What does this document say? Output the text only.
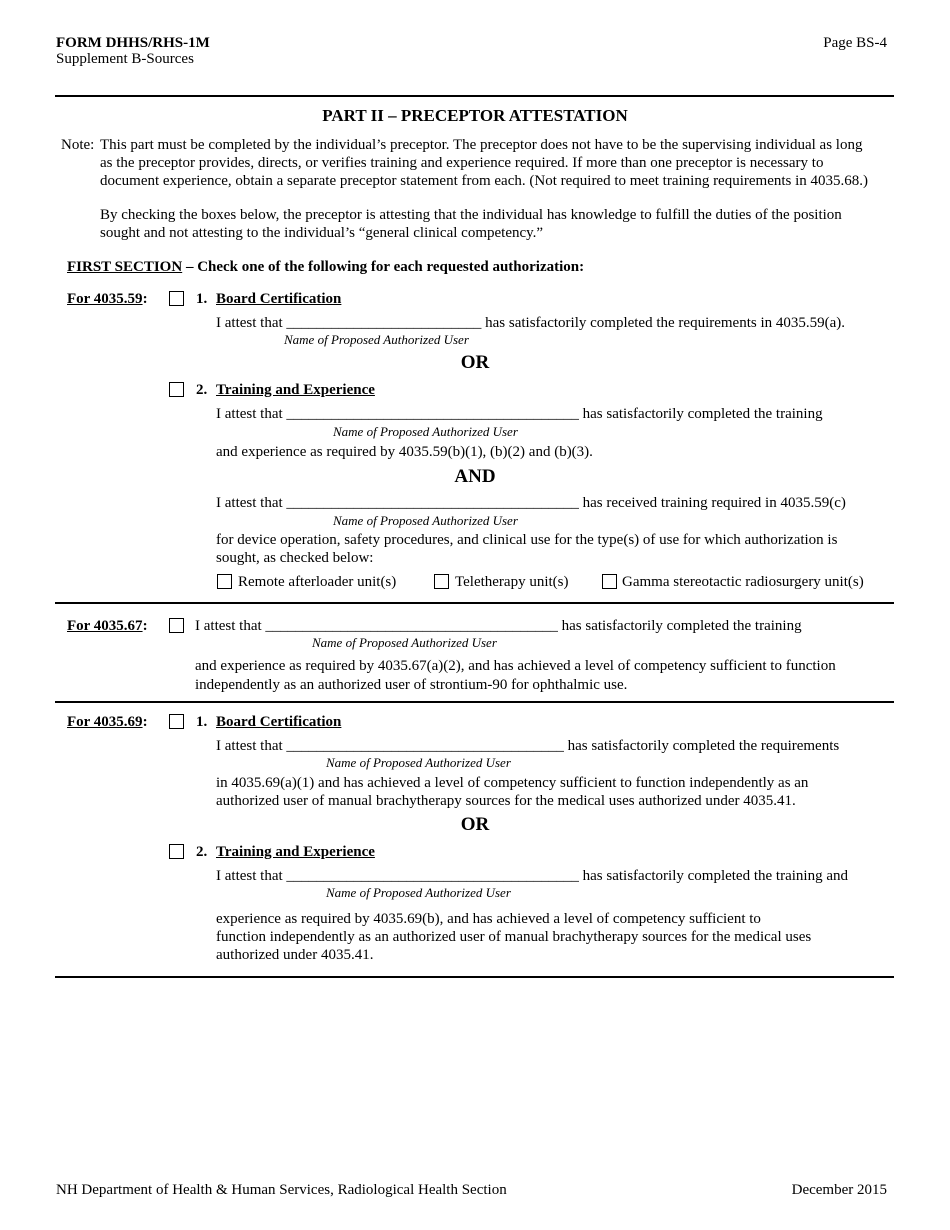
FORM DHHS/RHS-1M
Supplement B-Sources
Page BS-4
PART II – PRECEPTOR ATTESTATION
Note: This part must be completed by the individual’s preceptor. The preceptor does not have to be the supervising individual as long
as the preceptor provides, directs, or verifies training and experience required. If more than one preceptor is necessary to
document experience, obtain a separate preceptor statement from each. (Not required to meet training requirements in 4035.68.)
By checking the boxes below, the preceptor is attesting that the individual has knowledge to fulfill the duties of the position
sought and not attesting to the individual’s “general clinical competency.”
FIRST SECTION – Check one of the following for each requested authorization:
For 4035.59:	1. Board Certification
I attest that __________________________ has satisfactorily completed the requirements in 4035.59(a).
Name of Proposed Authorized User
OR
2. Training and Experience
I attest that _______________________________________ has satisfactorily completed the training
Name of Proposed Authorized User
and experience as required by 4035.59(b)(1), (b)(2) and (b)(3).
AND
I attest that _______________________________________ has received training required in 4035.59(c)
Name of Proposed Authorized User
for device operation, safety procedures, and clinical use for the type(s) of use for which authorization is
sought, as checked below:
Remote afterloader unit(s)	Teletherapy unit(s)	Gamma stereotactic radiosurgery unit(s)
For 4035.67:	I attest that _______________________________________ has satisfactorily completed the training
Name of Proposed Authorized User
and experience as required by 4035.67(a)(2), and has achieved a level of competency sufficient to function
independently as an authorized user of strontium-90 for ophthalmic use.
For 4035.69:	1. Board Certification
I attest that _____________________________________ has satisfactorily completed the requirements
Name of Proposed Authorized User
in 4035.69(a)(1) and has achieved a level of competency sufficient to function independently as an
authorized user of manual brachytherapy sources for the medical uses authorized under 4035.41.
OR
2. Training and Experience
I attest that _______________________________________ has satisfactorily completed the training and
Name of Proposed Authorized User
experience as required by 4035.69(b), and has achieved a level of competency sufficient to
function independently as an authorized user of manual brachytherapy sources for the medical uses
authorized under 4035.41.
NH Department of Health & Human Services, Radiological Health Section	December 2015
